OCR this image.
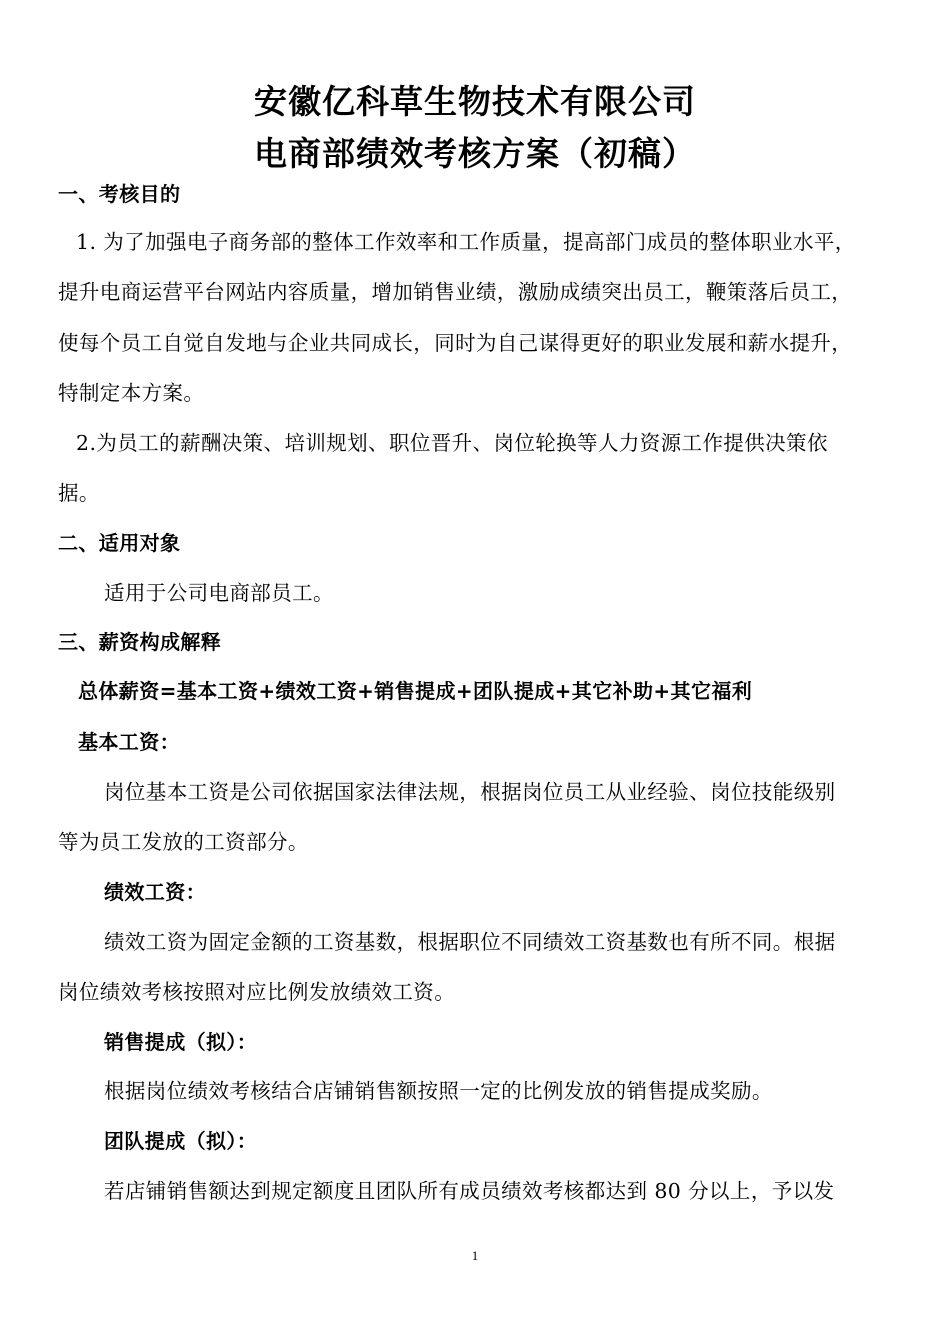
安徽亿科草生物技术有限公司
电商部绩效考核方案（初稿）
一、考核目的
1. 为了加强电子商务部的整体工作效率和工作质量，提高部门成员的整体职业水平，
提升电商运营平台网站内容质量，增加销售业绩，激励成绩突出员工，鞭策落后员工，
使每个员工自觉自发地与企业共同成长，同时为自己谋得更好的职业发展和薪水提升，
特制定本方案。
2.为员工的薪酬决策、培训规划、职位晋升、岗位轮换等人力资源工作提供决策依
据。
二、适用对象
适用于公司电商部员工。
三、薪资构成解释
总体薪资=基本工资+绩效工资+销售提成+团队提成+其它补助+其它福利
基本工资：
岗位基本工资是公司依据国家法律法规，根据岗位员工从业经验、岗位技能级别
等为员工发放的工资部分。
绩效工资：
绩效工资为固定金额的工资基数，根据职位不同绩效工资基数也有所不同。根据
岗位绩效考核按照对应比例发放绩效工资。
销售提成（拟）：
根据岗位绩效考核结合店铺销售额按照一定的比例发放的销售提成奖励。
团队提成（拟）：
若店铺销售额达到规定额度且团队所有成员绩效考核都达到 80 分以上，予以发
1
